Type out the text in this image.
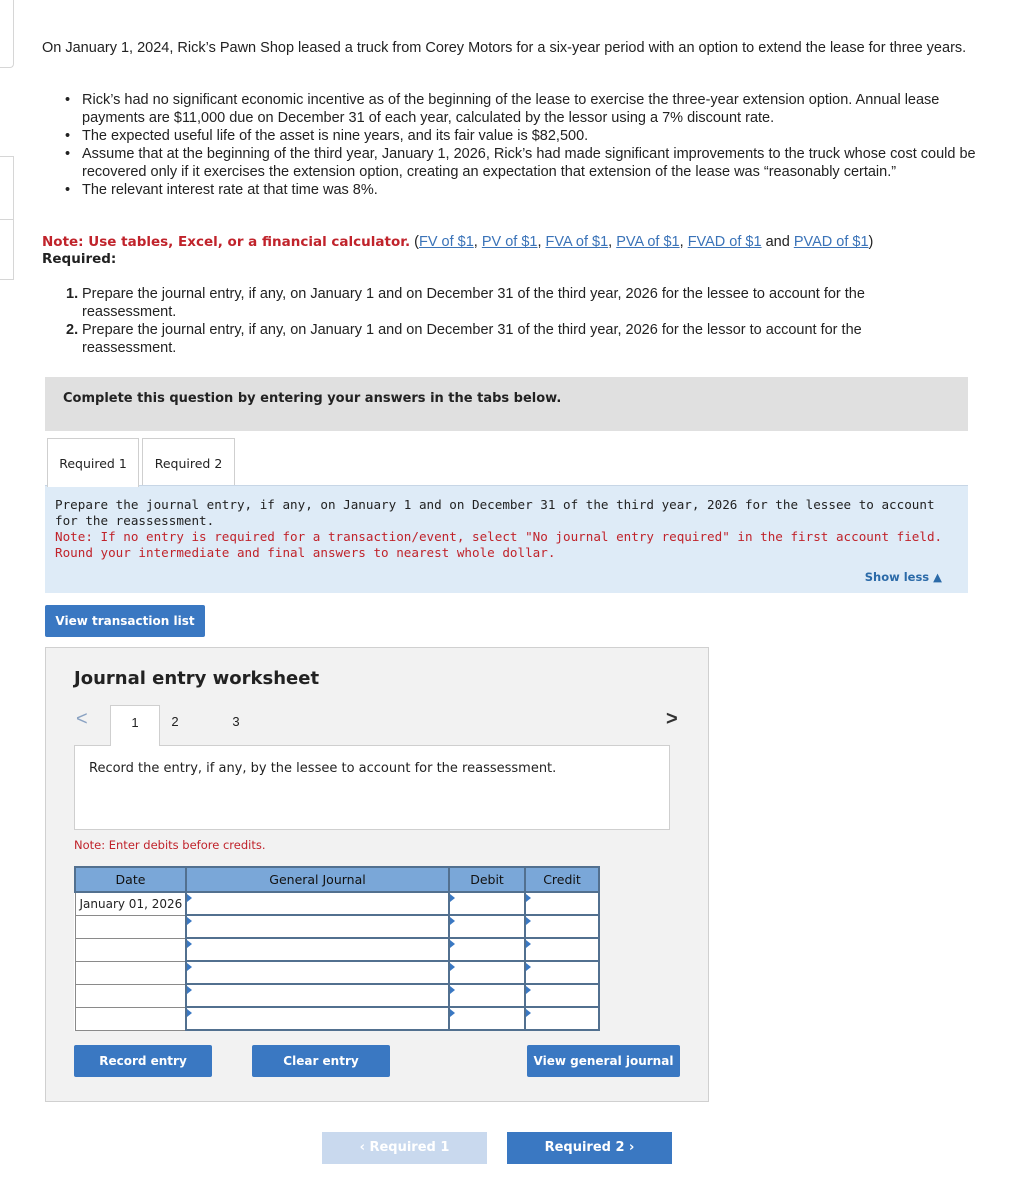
On January 1, 2024, Rick’s Pawn Shop leased a truck from Corey Motors for a six-year period with an option to extend the lease for three years.

• Rick’s had no significant economic incentive as of the beginning of the lease to exercise the three-year extension option. Annual lease payments are $11,000 due on December 31 of each year, calculated by the lessor using a 7% discount rate.
• The expected useful life of the asset is nine years, and its fair value is $82,500.
• Assume that at the beginning of the third year, January 1, 2026, Rick’s had made significant improvements to the truck whose cost could be recovered only if it exercises the extension option, creating an expectation that extension of the lease was “reasonably certain.”
• The relevant interest rate at that time was 8%.
Note: Use tables, Excel, or a financial calculator. (FV of $1, PV of $1, FVA of $1, PVA of $1, FVAD of $1 and PVAD of $1)
Required:
1. Prepare the journal entry, if any, on January 1 and on December 31 of the third year, 2026 for the lessee to account for the reassessment.
2. Prepare the journal entry, if any, on January 1 and on December 31 of the third year, 2026 for the lessor to account for the reassessment.
Complete this question by entering your answers in the tabs below.
Required 1	Required 2
Prepare the journal entry, if any, on January 1 and on December 31 of the third year, 2026 for the lessee to account for the reassessment.
Note: If no entry is required for a transaction/event, select "No journal entry required" in the first account field. Round your intermediate and final answers to nearest whole dollar.
Show less ▲
View transaction list
Journal entry worksheet
<	1	2	3	>
Record the entry, if any, by the lessee to account for the reassessment.
Note: Enter debits before credits.
Date	General Journal	Debit	Credit
January 01, 2026			

Record entry	Clear entry	View general journal
‹ Required 1	Required 2 ›
